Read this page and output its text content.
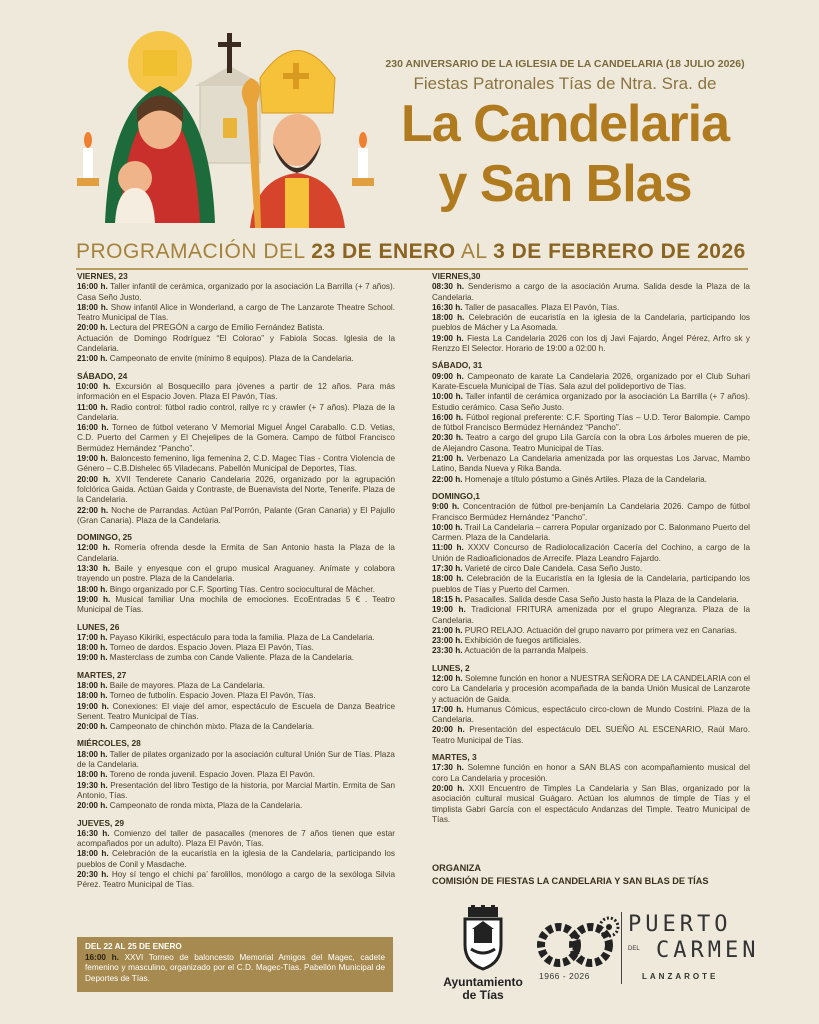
230 ANIVERSARIO DE LA IGLESIA DE LA CANDELARIA (18 JULIO 2026)
Fiestas Patronales Tías de Ntra. Sra. de
La Candelaria
y San Blas
PROGRAMACIÓN DEL 23 DE ENERO AL 3 DE FEBRERO DE 2026
VIERNES, 23
16:00 h. Taller infantil de cerámica, organizado por la asociación La Barrilla (+ 7 años). Casa Seño Justo.
18:00 h. Show infantil Alice in Wonderland, a cargo de The Lanzarote Theatre School. Teatro Municipal de Tías.
20:00 h. Lectura del PREGÓN a cargo de Emilio Fernández Batista.
Actuación de Domingo Rodríguez “El Colorao” y Fabiola Socas. Iglesia de la Candelaria.
21:00 h. Campeonato de envite (mínimo 8 equipos). Plaza de la Candelaria.
SÁBADO, 24
10:00 h. Excursión al Bosquecillo para jóvenes a partir de 12 años. Para más información en el Espacio Joven. Plaza El Pavón, Tías.
11:00 h. Radio control: fútbol radio control, rallye rc y crawler (+ 7 años). Plaza de la Candelaria.
16:00 h. Torneo de fútbol veterano V Memorial Miguel Ángel Caraballo. C.D. Vetias, C.D. Puerto del Carmen y El Chejelipes de la Gomera. Campo de fútbol Francisco Bermúdez Hernández “Pancho”.
19:00 h. Baloncesto femenino, liga femenina 2, C.D. Magec Tías - Contra Violencia de Género – C.B.Dishelec 65 Viladecans. Pabellón Municipal de Deportes, Tías.
20:00 h. XVII Tenderete Canario Candelaria 2026, organizado por la agrupación folclórica Gaida. Actúan Gaida y Contraste, de Buenavista del Norte, Tenerife. Plaza de la Candelaria.
22:00 h. Noche de Parrandas. Actúan Pal’Porrón, Palante (Gran Canaria) y El Pajullo (Gran Canaria). Plaza de la Candelaria.
DOMINGO, 25
12:00 h. Romería ofrenda desde la Ermita de San Antonio hasta la Plaza de la Candelaria.
13:30 h. Baile y enyesque con el grupo musical Araguaney. Anímate y colabora trayendo un postre. Plaza de la Candelaria.
18:00 h. Bingo organizado por C.F. Sporting Tías. Centro sociocultural de Mácher.
19:00 h. Musical familiar Una mochila de emociones. EcoEntradas 5 € . Teatro Municipal de Tías.
LUNES, 26
17:00 h. Payaso Kikiriki, espectáculo para toda la familia. Plaza de La Candelaria.
18:00 h. Torneo de dardos. Espacio Joven. Plaza El Pavón, Tías.
19:00 h. Masterclass de zumba con Cande Valiente. Plaza de la Candelaria.
MARTES, 27
18:00 h. Baile de mayores. Plaza de La Candelaria.
18:00 h. Torneo de futbolín. Espacio Joven. Plaza El Pavón, Tías.
19:00 h. Conexiones: El viaje del amor, espectáculo de Escuela de Danza Beatrice Senent. Teatro Municipal de Tías.
20:00 h. Campeonato de chinchón mixto. Plaza de la Candelaria.
MIÉRCOLES, 28
18:00 h. Taller de pilates organizado por la asociación cultural Unión Sur de Tías. Plaza de la Candelaria.
18:00 h. Toreno de ronda juvenil. Espacio Joven. Plaza El Pavón.
19:30 h. Presentación del libro Testigo de la historia, por Marcial Martín. Ermita de San Antonio, Tías.
20:00 h. Campeonato de ronda mixta, Plaza de la Candelaria.
JUEVES, 29
16:30 h. Comienzo del taller de pasacalles (menores de 7 años tienen que estar acompañados por un adulto). Plaza El Pavón, Tías.
18:00 h. Celebración de la eucaristía en la iglesia de la Candelaria, participando los pueblos de Conil y Masdache.
20:30 h. Hoy sí tengo el chichi pa’ farolillos, monólogo a cargo de la sexóloga Silvia Pérez. Teatro Municipal de Tías.
VIERNES,30
08:30 h. Senderismo a cargo de la asociación Aruma. Salida desde la Plaza de la Candelaria.
16:30 h. Taller de pasacalles. Plaza El Pavón, Tías.
18:00 h. Celebración de eucaristía en la iglesia de la Candelaria, participando los pueblos de Mácher y La Asomada.
19:00 h. Fiesta La Candelaria 2026 con los dj Javi Fajardo, Ángel Pérez, Arfro sk y Renzzo El Selector. Horario de 19:00 a 02:00 h.
SÁBADO, 31
09:00 h. Campeonato de karate La Candelaria 2026, organizado por el Club Suhari Karate-Escuela Municipal de Tías. Sala azul del polideportivo de Tías.
10:00 h. Taller infantil de cerámica organizado por la asociación La Barrilla (+ 7 años). Estudio cerámico. Casa Seño Justo.
16:00 h. Fútbol regional preferente: C.F. Sporting Tías – U.D. Teror Balompie. Campo de fútbol Francisco Bermúdez Hernández “Pancho”.
20:30 h. Teatro a cargo del grupo Lila García con la obra Los árboles mueren de pie, de Alejandro Casona. Teatro Municipal de Tías.
21:00 h. Verbenazo La Candelaria amenizada por las orquestas Los Jarvac, Mambo Latino, Banda Nueva y Rika Banda.
22:00 h. Homenaje a título póstumo a Ginés Artiles. Plaza de la Candelaria.
DOMINGO,1
9:00 h. Concentración de fútbol pre-benjamín La Candelaria 2026. Campo de fútbol Francisco Bermúdez Hernández “Pancho”.
10:00 h. Trail La Candelaria – carrera Popular organizado por C. Balonmano Puerto del Carmen. Plaza de la Candelaria.
11:00 h. XXXV Concurso de Radiolocalización Cacería del Cochino, a cargo de la Unión de Radioaficionados de Arrecife. Plaza Leandro Fajardo.
17:30 h. Varieté de circo Dale Candela. Casa Seño Justo.
18:00 h. Celebración de la Eucaristía en la Iglesia de la Candelaria, participando los pueblos de Tías y Puerto del Carmen.
18:15 h. Pasacalles. Salida desde Casa Seño Justo hasta la Plaza de la Candelaria.
19:00 h. Tradicional FRITURA amenizada por el grupo Alegranza. Plaza de la Candelaria.
21:00 h. PURO RELAJO. Actuación del grupo navarro por primera vez en Canarias.
23:00 h. Exhibición de fuegos artificiales.
23:30 h. Actuación de la parranda Malpeis.
LUNES, 2
12:00 h. Solemne función en honor a NUESTRA SEÑORA DE LA CANDELARIA con el coro La Candelaria y procesión acompañada de la banda Unión Musical de Lanzarote y actuación de Gaida.
17:00 h. Humanus Cómicus, espectáculo circo-clown de Mundo Costrini. Plaza de la Candelaria.
20:00 h. Presentación del espectáculo DEL SUEÑO AL ESCENARIO, Raúl Maro. Teatro Municipal de Tías.
MARTES, 3
17:30 h. Solemne función en honor a SAN BLAS con acompañamiento musical del coro La Candelaria y procesión.
20:00 h. XXII Encuentro de Timples La Candelaria y San Blas, organizado por la asociación cultural musical Guágaro. Actúan los alumnos de timple de Tías y el timplista Gabri García con el espectáculo Andanzas del Timple. Teatro Municipal de Tías.
DEL 22 AL 25 DE ENERO
16:00 h. XXVI Torneo de baloncesto Memorial Amigos del Magec, cadete femenino y masculino, organizado por el C.D. Magec-Tías. Pabellón Municipal de Deportes de Tías.
ORGANIZA
COMISIÓN DE FIESTAS LA CANDELARIA Y SAN BLAS DE TÍAS
Ayuntamiento
de Tías
1966 - 2026
PUERTO
DEL CARMEN
LANZAROTE
